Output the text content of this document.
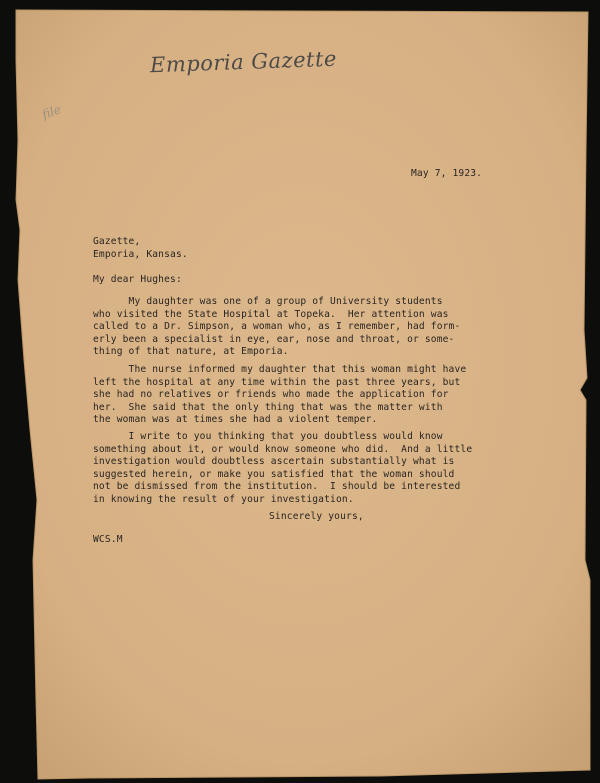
Emporia Gazette
file
May 7, 1923.
Gazette,
Emporia, Kansas.
My dear Hughes:
My daughter was one of a group of University students
who visited the State Hospital at Topeka.  Her attention was
called to a Dr. Simpson, a woman who, as I remember, had form-
erly been a specialist in eye, ear, nose and throat, or some-
thing of that nature, at Emporia.
The nurse informed my daughter that this woman might have
left the hospital at any time within the past three years, but
she had no relatives or friends who made the application for
her.  She said that the only thing that was the matter with
the woman was at times she had a violent temper.
I write to you thinking that you doubtless would know
something about it, or would know someone who did.  And a little
investigation would doubtless ascertain substantially what is
suggested herein, or make you satisfied that the woman should
not be dismissed from the institution.  I should be interested
in knowing the result of your investigation.
Sincerely yours,
WCS.M
